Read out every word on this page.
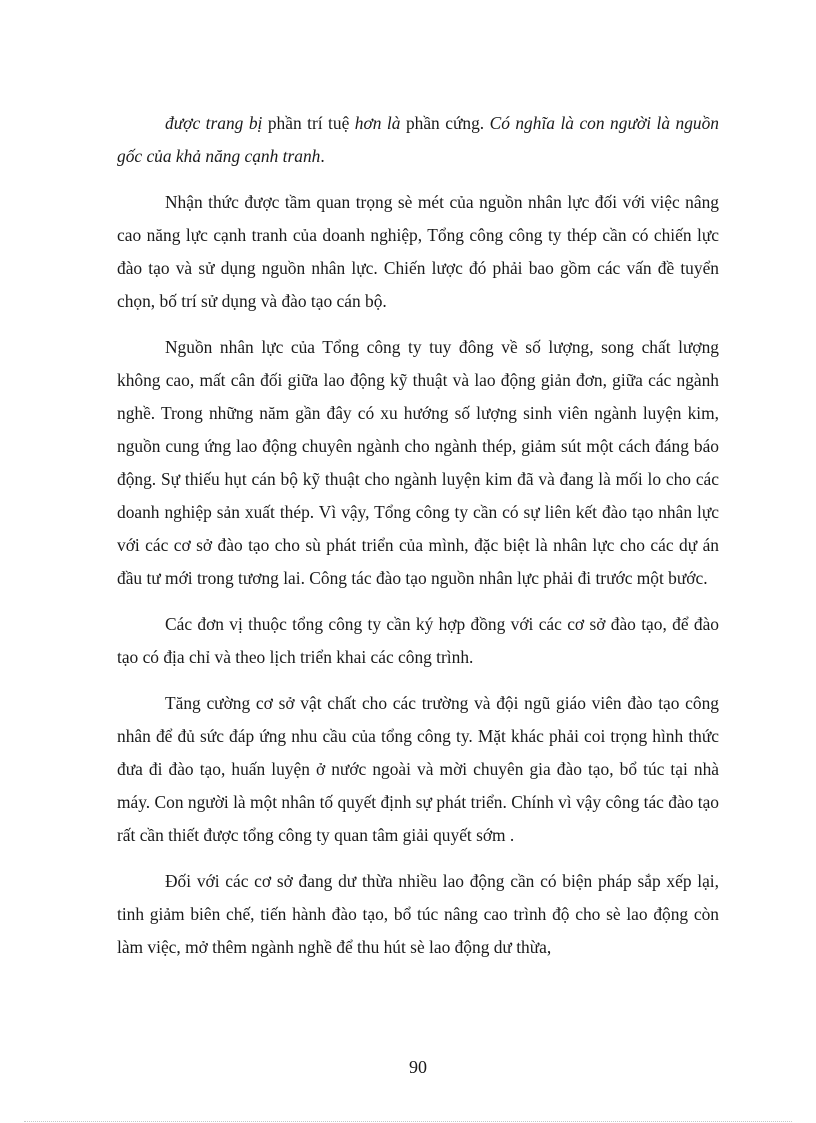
được trang bị phần trí tuệ hơn là phần cứng. Có nghĩa là con người là nguồn gốc của khả năng cạnh tranh.

Nhận thức được tầm quan trọng sè mét của nguồn nhân lực đối với việc nâng cao năng lực cạnh tranh của doanh nghiệp, Tổng công công ty thép cần có chiến lực đào tạo và sử dụng nguồn nhân lực. Chiến lược đó phải bao gồm các vấn đề tuyển chọn, bố trí sử dụng và đào tạo cán bộ.

Nguồn nhân lực của Tổng công ty tuy đông về số lượng, song chất lượng không cao, mất cân đối giữa lao động kỹ thuật và lao động giản đơn, giữa các ngành nghề. Trong những năm gần đây có xu hướng số lượng sinh viên ngành luyện kim, nguồn cung ứng lao động chuyên ngành cho ngành thép, giảm sút một cách đáng báo động. Sự thiếu hụt cán bộ kỹ thuật cho ngành luyện kim đã và đang là mối lo cho các doanh nghiệp sản xuất thép. Vì vậy, Tổng công ty cần có sự liên kết đào tạo nhân lực với các cơ sở đào tạo cho sù phát triển của mình, đặc biệt là nhân lực cho các dự án đầu tư mới trong tương lai. Công tác đào tạo nguồn nhân lực phải đi trước một bước.

Các đơn vị thuộc tổng công ty cần ký hợp đồng với các cơ sở đào tạo, để đào tạo có địa chỉ và theo lịch triển khai các công trình.

Tăng cường cơ sở vật chất cho các trường và đội ngũ giáo viên đào tạo công nhân để đủ sức đáp ứng nhu cầu của tổng công ty. Mặt khác phải coi trọng hình thức đưa đi đào tạo, huấn luyện ở nước ngoài và mời chuyên gia đào tạo, bổ túc tại nhà máy. Con người là một nhân tố quyết định sự phát triển. Chính vì vậy công tác đào tạo rất cần thiết được tổng công ty quan tâm giải quyết sớm .

Đối với các cơ sở đang dư thừa nhiều lao động cần có biện pháp sắp xếp lại, tinh giảm biên chế, tiến hành đào tạo, bổ túc nâng cao trình độ cho sè lao động còn làm việc, mở thêm ngành nghề để thu hút sè lao động dư thừa,

90
